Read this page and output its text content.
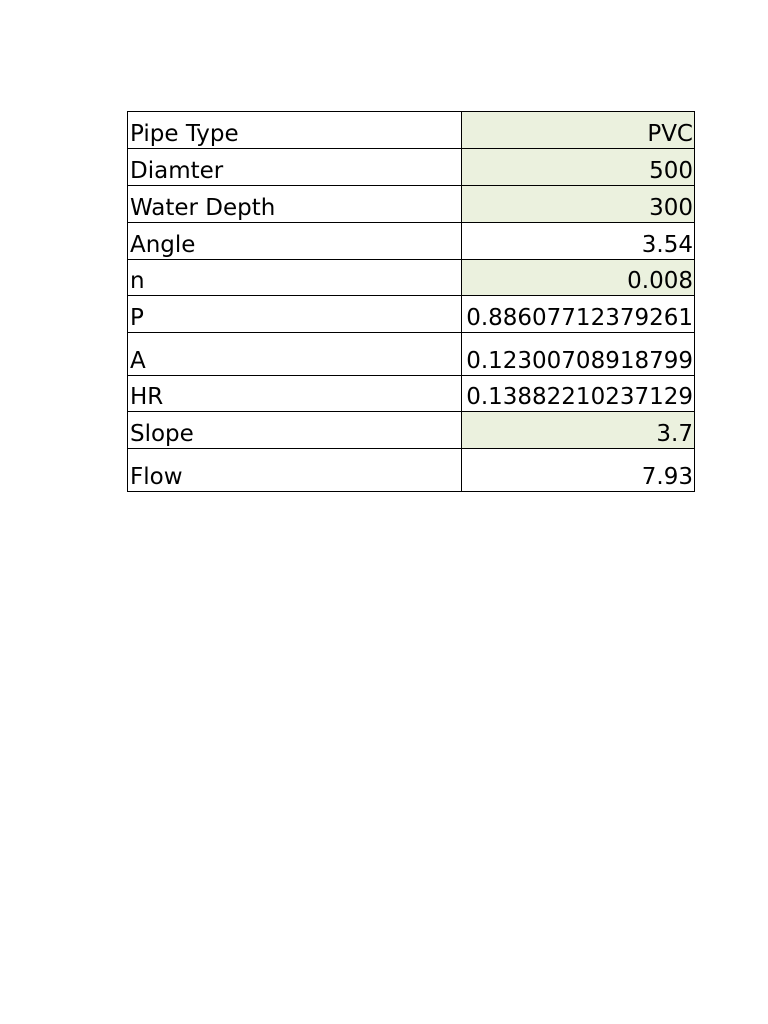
Pipe Type	PVC
Diamter	500
Water Depth	300
Angle	3.54
n	0.008
P	0.88607712379261
A	0.12300708918799
HR	0.13882210237129
Slope	3.7
Flow	7.93
